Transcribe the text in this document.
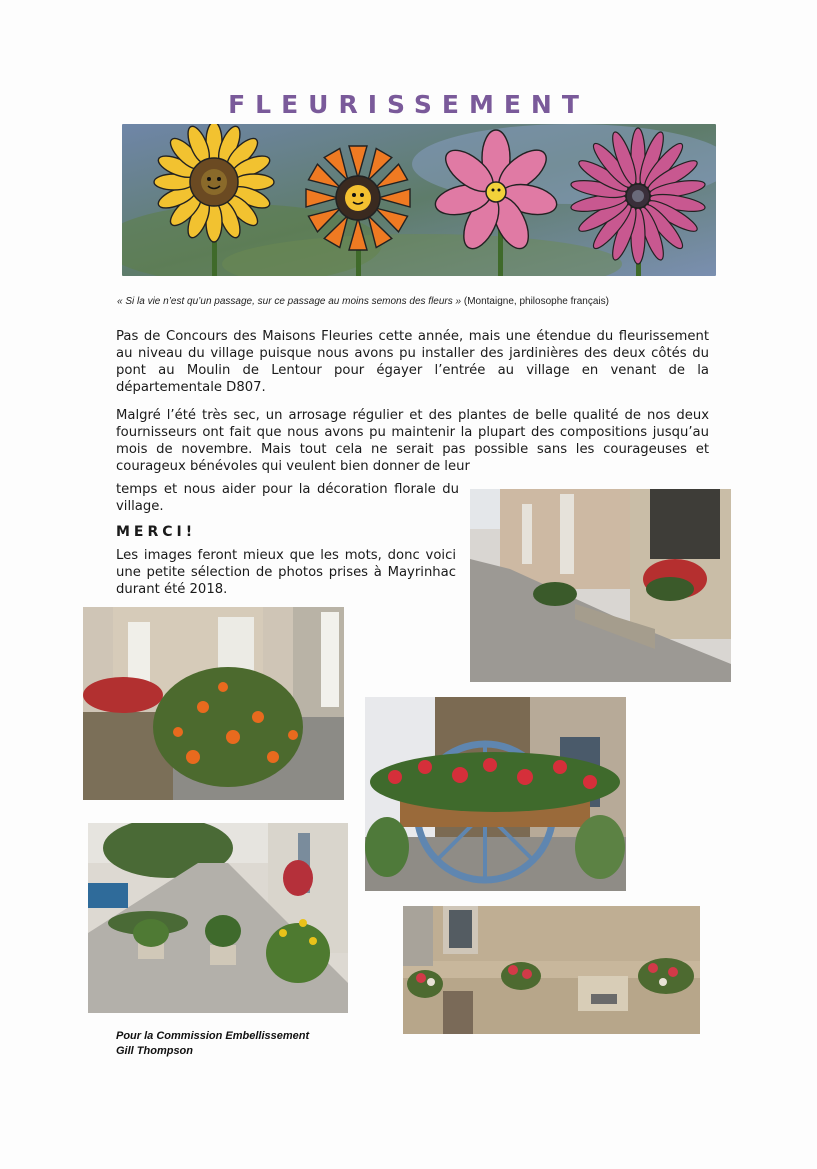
FLEURISSEMENT
« Si la vie n’est qu’un passage, sur ce passage au moins semons des fleurs » (Montaigne, philosophe français)
Pas de Concours des Maisons Fleuries cette année, mais une étendue du fleurissement au niveau du village puisque nous avons pu installer des jardinières des deux côtés du pont au Moulin de Lentour pour égayer l’entrée au village en venant de la départementale D807.
Malgré l’été très sec, un arrosage régulier et des plantes de belle qualité de nos deux fournisseurs ont fait que nous avons pu maintenir la plupart des compositions jusqu’au mois de novembre. Mais tout cela ne serait pas possible sans les courageuses et courageux bénévoles qui veulent bien donner de leur
temps et nous aider pour la décoration florale du village.
MERCI!
Les images feront mieux que les mots, donc voici une petite sélection de photos prises à Mayrinhac durant été 2018.
Pour la Commission Embellissement
Gill Thompson
